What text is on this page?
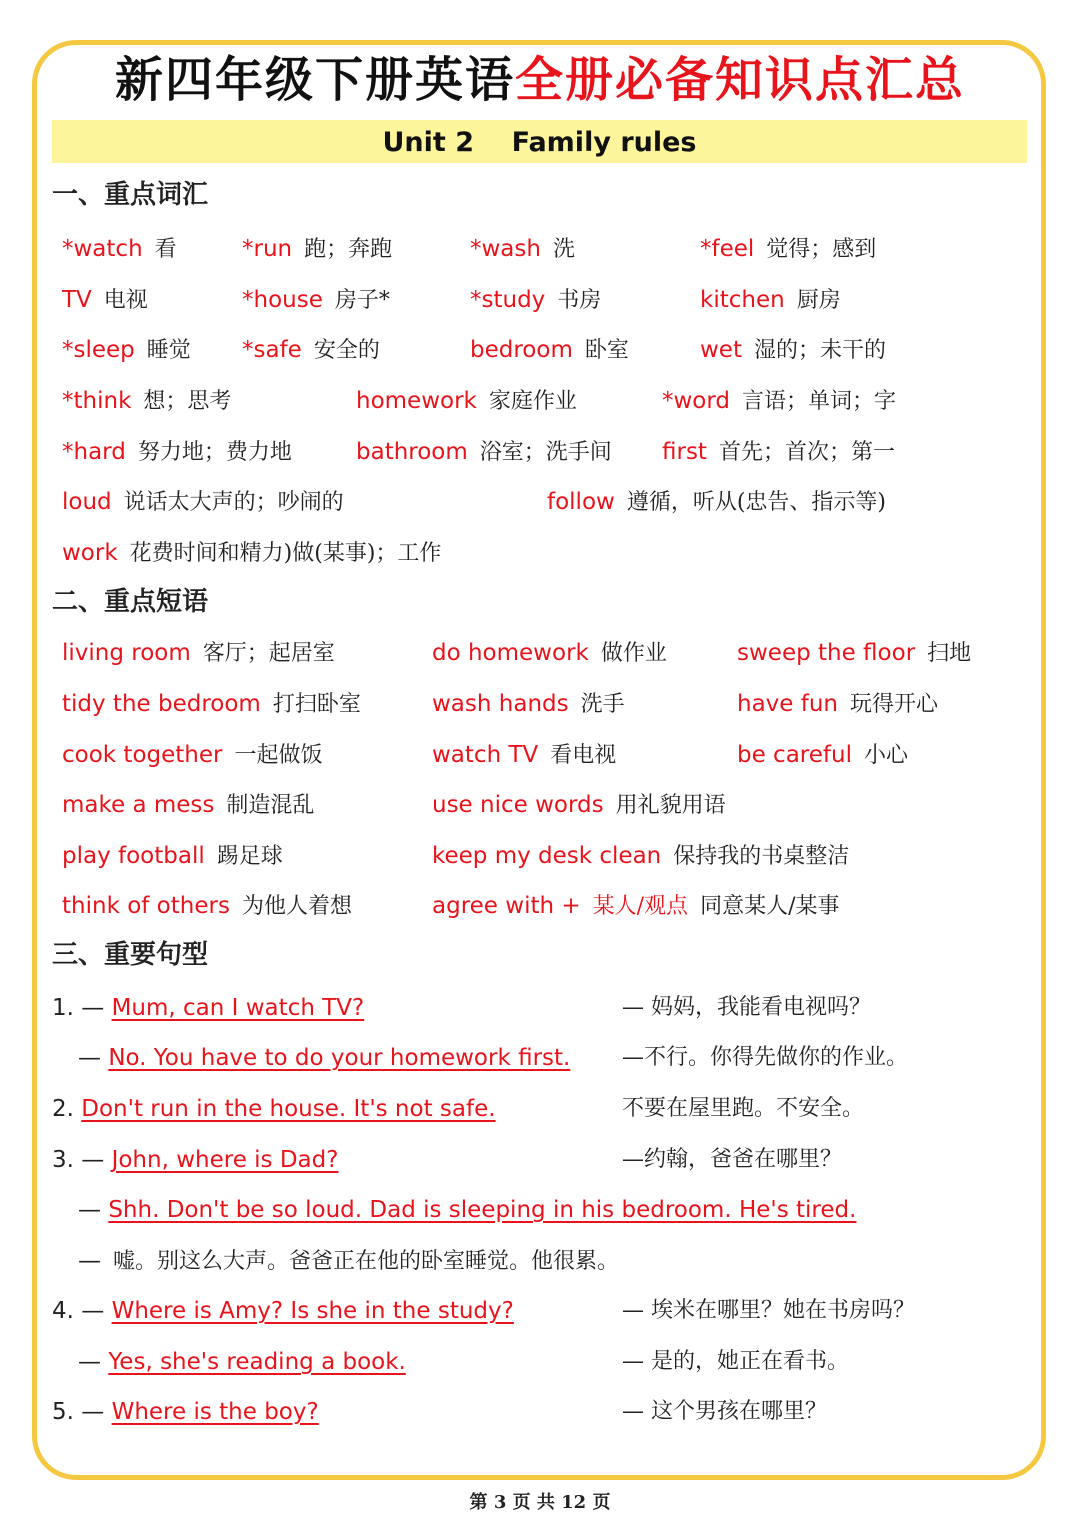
新四年级下册英语全册必备知识点汇总
Unit 2    Family rules
一、重点词汇
*watch 看	*run 跑；奔跑	*wash 洗	*feel 觉得；感到
TV 电视	*house 房子*	*study 书房	kitchen 厨房
*sleep 睡觉 *safe 安全的	bedroom 卧室	wet 湿的；未干的
*think 想；思考	homework 家庭作业	*word 言语；单词；字
*hard 努力地；费力地	bathroom 浴室；洗手间 first 首先；首次；第一
loud 说话太大声的；吵闹的	follow 遵循，听从(忠告、指示等)
work 花费时间和精力)做(某事)；工作
二、重点短语
living room 客厅；起居室	do homework 做作业	sweep the floor 扫地
tidy the bedroom 打扫卧室	wash hands 洗手	have fun 玩得开心
cook together 一起做饭	watch TV 看电视	be careful 小心
make a mess 制造混乱	use nice words 用礼貌用语
play football 踢足球	keep my desk clean 保持我的书桌整洁
think of others 为他人着想	agree with + 某人/观点 同意某人/某事
三、重要句型
1. — Mum, can I watch TV?	— 妈妈，我能看电视吗？
— No. You have to do your homework first. —不行。你得先做你的作业。
2. Don't run in the house. It's not safe.	不要在屋里跑。不安全。
3. — John, where is Dad?	—约翰，爸爸在哪里？
— Shh. Don't be so loud. Dad is sleeping in his bedroom. He's tired.
— 嘘。别这么大声。爸爸正在他的卧室睡觉。他很累。
4. — Where is Amy? Is she in the study?	— 埃米在哪里？她在书房吗？
— Yes, she's reading a book.	— 是的，她正在看书。
5. — Where is the boy?	— 这个男孩在哪里？
第 3 页 共 12 页
